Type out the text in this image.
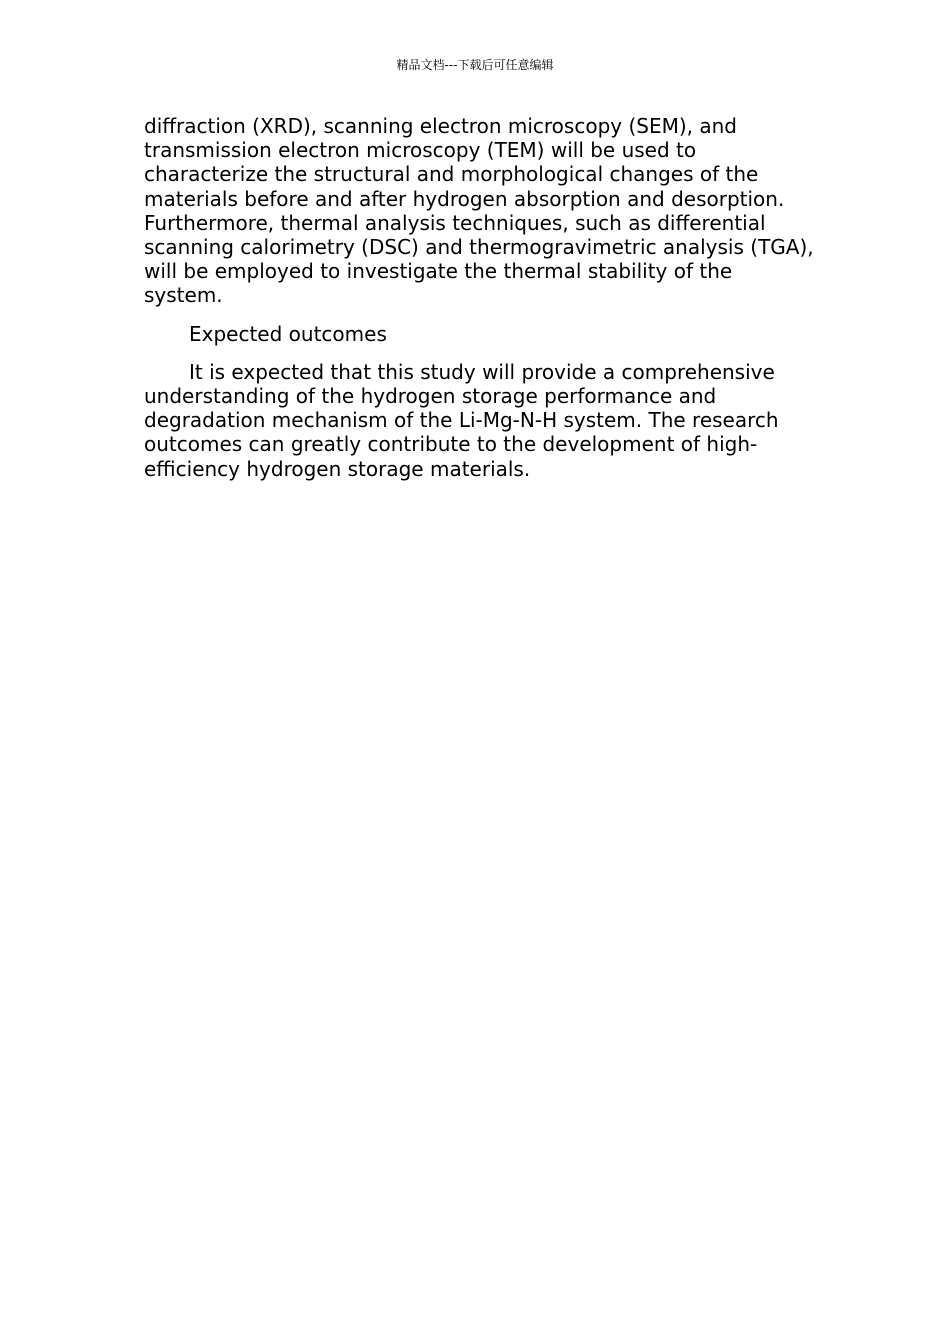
精品文档---下载后可任意编辑

diffraction (XRD), scanning electron microscopy (SEM), and transmission electron microscopy (TEM) will be used to characterize the structural and morphological changes of the materials before and after hydrogen absorption and desorption. Furthermore, thermal analysis techniques, such as differential scanning calorimetry (DSC) and thermogravimetric analysis (TGA), will be employed to investigate the thermal stability of the system.

Expected outcomes

It is expected that this study will provide a comprehensive understanding of the hydrogen storage performance and degradation mechanism of the Li-Mg-N-H system. The research outcomes can greatly contribute to the development of high-efficiency hydrogen storage materials.
